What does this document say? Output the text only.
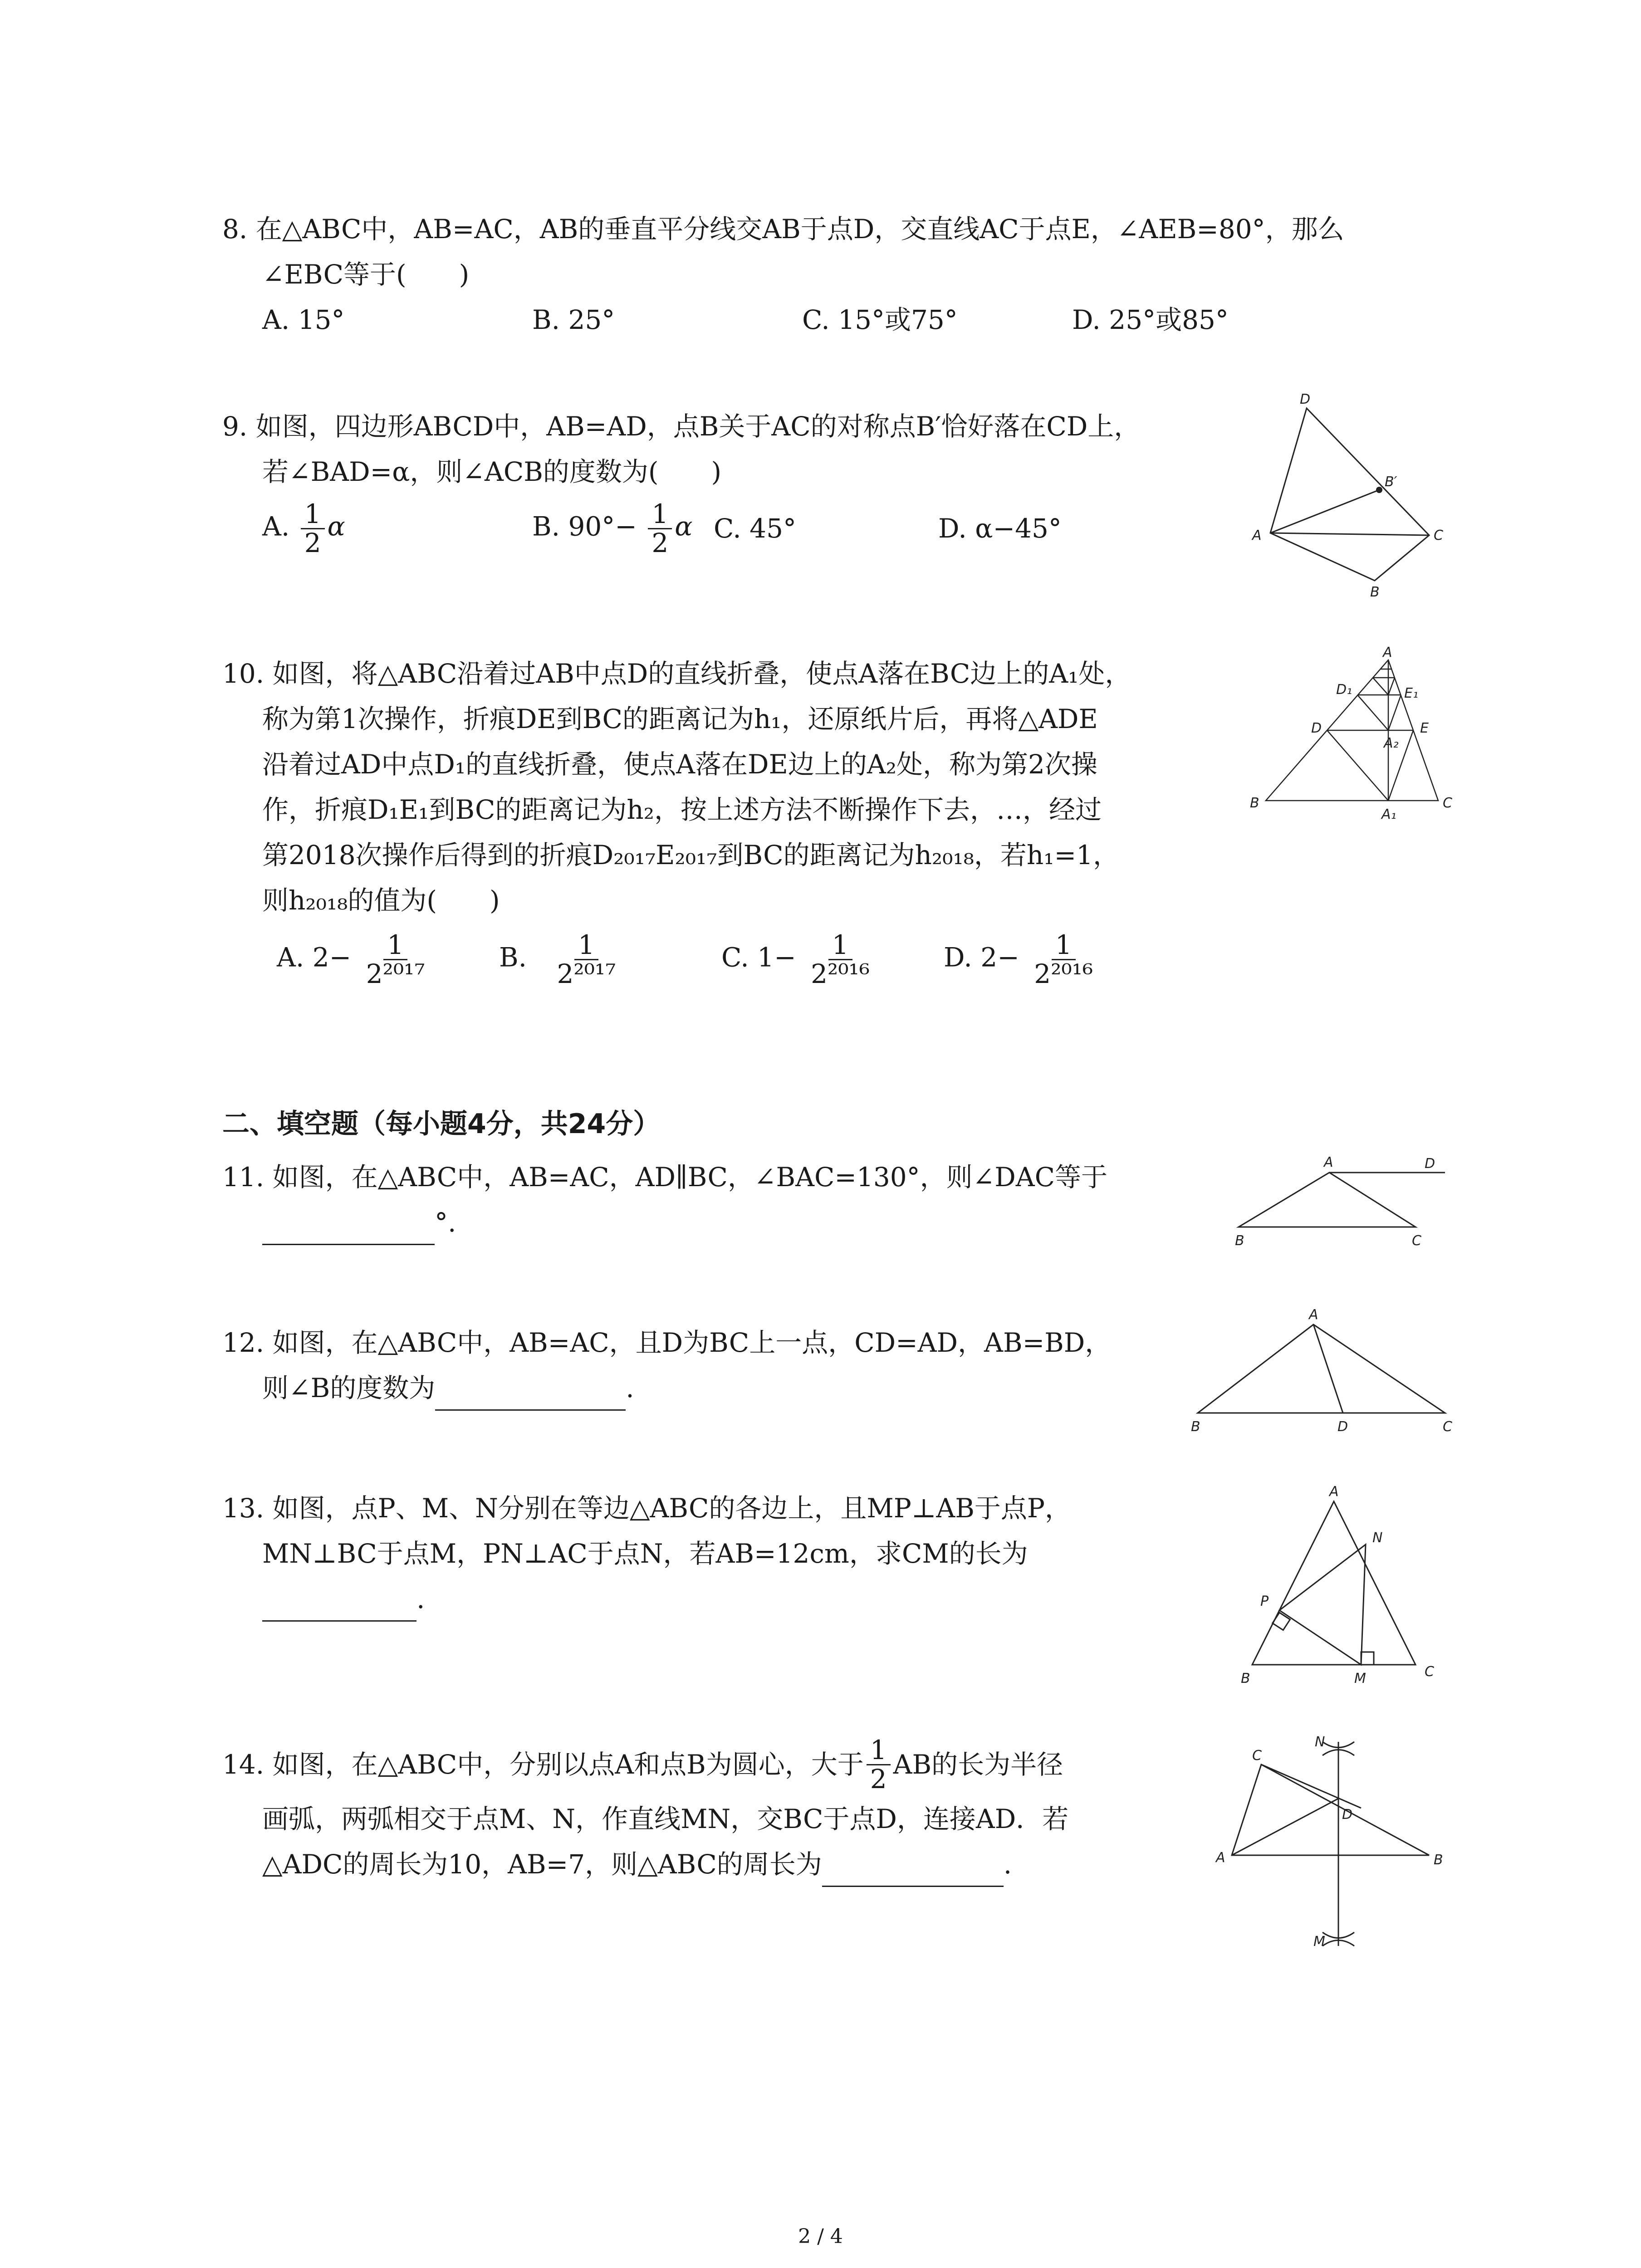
8. 在△ABC中，AB=AC，AB的垂直平分线交AB于点D，交直线AC于点E，∠AEB=80°，那么
∠EBC等于(　　)
A. 15°	B. 25°	C. 15°或75°	D. 25°或85°
9. 如图，四边形ABCD中，AB=AD，点B关于AC的对称点B′恰好落在CD上，
若∠BAD=α，则∠ACB的度数为(　　)
A. $\frac{1}{2}$ α	B. $90^\circ- \frac{1}{2}$ α C. 45°	D. α−45°
D
B′
A	C
B
10. 如图，将△ABC沿着过AB中点D的直线折叠，使点A落在BC边上的A₁处，
称为第1次操作，折痕DE到BC的距离记为h₁，还原纸片后，再将△ADE
沿着过AD中点D₁的直线折叠，使点A落在DE边上的A₂处，称为第2次操
作，折痕D₁E₁到BC的距离记为h₂，按上述方法不断操作下去，…，经过
第2018次操作后得到的折痕D₂₀₁₇E₂₀₁₇到BC的距离记为h₂₀₁₈，若h₁=1，
则h₂₀₁₈的值为(　　)
A. $2- \frac{1}{\text{2²⁰¹⁷}}$	B. $\frac{1}{\text{2²⁰¹⁷}}$	C. $1- \frac{1}{\text{2²⁰¹⁶}}$	D. $2- \frac{1}{\text{2²⁰¹⁶}}$
A
D₁	E₁
D	E
A₂
B
A₁
C
二、填空题（每小题4分，共24分）
11. 如图，在△ABC中，AB=AC，AD∥BC，∠BAC=130°，则∠DAC等于
°.
A	D
B	C
12. 如图，在△ABC中，AB=AC，且D为BC上一点，CD=AD，AB=BD，
则∠B的度数为	.
A
B	D	C
13. 如图，点P、M、N分别在等边△ABC的各边上，且MP⊥AB于点P，
MN⊥BC于点M，PN⊥AC于点N，若AB=12cm，求CM的长为
.
A
N
P
B	M	C
14. 如图，在△ABC中，分别以点A和点B为圆心，大于 $\frac{1}{2}$ AB的长为半径
画弧，两弧相交于点M、N，作直线MN，交BC于点D，连接AD．若
△ADC的周长为10，AB=7，则△ABC的周长为	.
N
C
D
A	B
M
2 / 4
